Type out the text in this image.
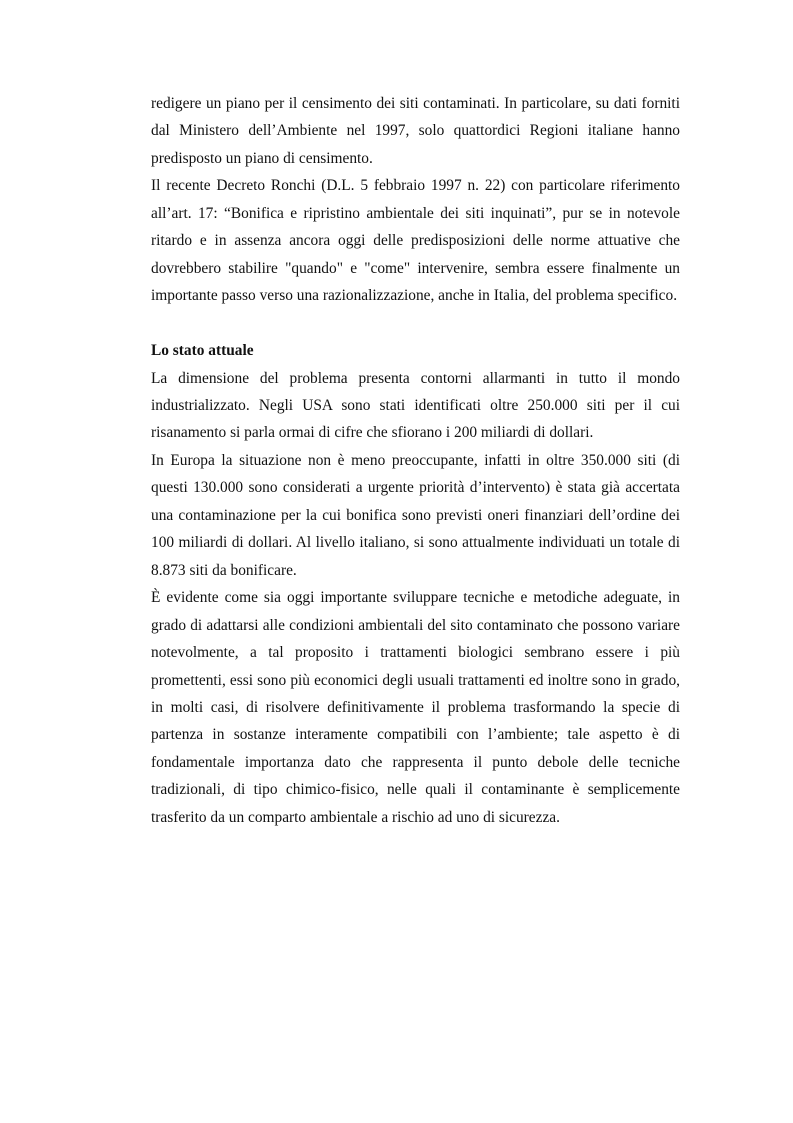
redigere un piano per il censimento dei siti contaminati. In particolare, su dati forniti dal Ministero dell’Ambiente nel 1997, solo quattordici Regioni italiane hanno predisposto un piano di censimento.

Il recente Decreto Ronchi (D.L. 5 febbraio 1997 n. 22) con particolare riferimento all’art. 17: “Bonifica e ripristino ambientale dei siti inquinati”, pur se in notevole ritardo e in assenza ancora oggi delle predisposizioni delle norme attuative che dovrebbero stabilire "quando" e "come" intervenire, sembra essere finalmente un importante passo verso una razionalizzazione, anche in Italia, del problema specifico.

Lo stato attuale

La dimensione del problema presenta contorni allarmanti in tutto il mondo industrializzato. Negli USA sono stati identificati oltre 250.000 siti per il cui risanamento si parla ormai di cifre che sfiorano i 200 miliardi di dollari.

In Europa la situazione non è meno preoccupante, infatti in oltre 350.000 siti (di questi 130.000 sono considerati a urgente priorità d’intervento) è stata già accertata una contaminazione per la cui bonifica sono previsti oneri finanziari dell’ordine dei 100 miliardi di dollari. Al livello italiano, si sono attualmente individuati un totale di 8.873 siti da bonificare.

È evidente come sia oggi importante sviluppare tecniche e metodiche adeguate, in grado di adattarsi alle condizioni ambientali del sito contaminato che possono variare notevolmente, a tal proposito i trattamenti biologici sembrano essere i più promettenti, essi sono più economici degli usuali trattamenti ed inoltre sono in grado, in molti casi, di risolvere definitivamente il problema trasformando la specie di partenza in sostanze interamente compatibili con l’ambiente; tale aspetto è di fondamentale importanza dato che rappresenta il punto debole delle tecniche tradizionali, di tipo chimico-fisico, nelle quali il contaminante è semplicemente trasferito da un comparto ambientale a rischio ad uno di sicurezza.
